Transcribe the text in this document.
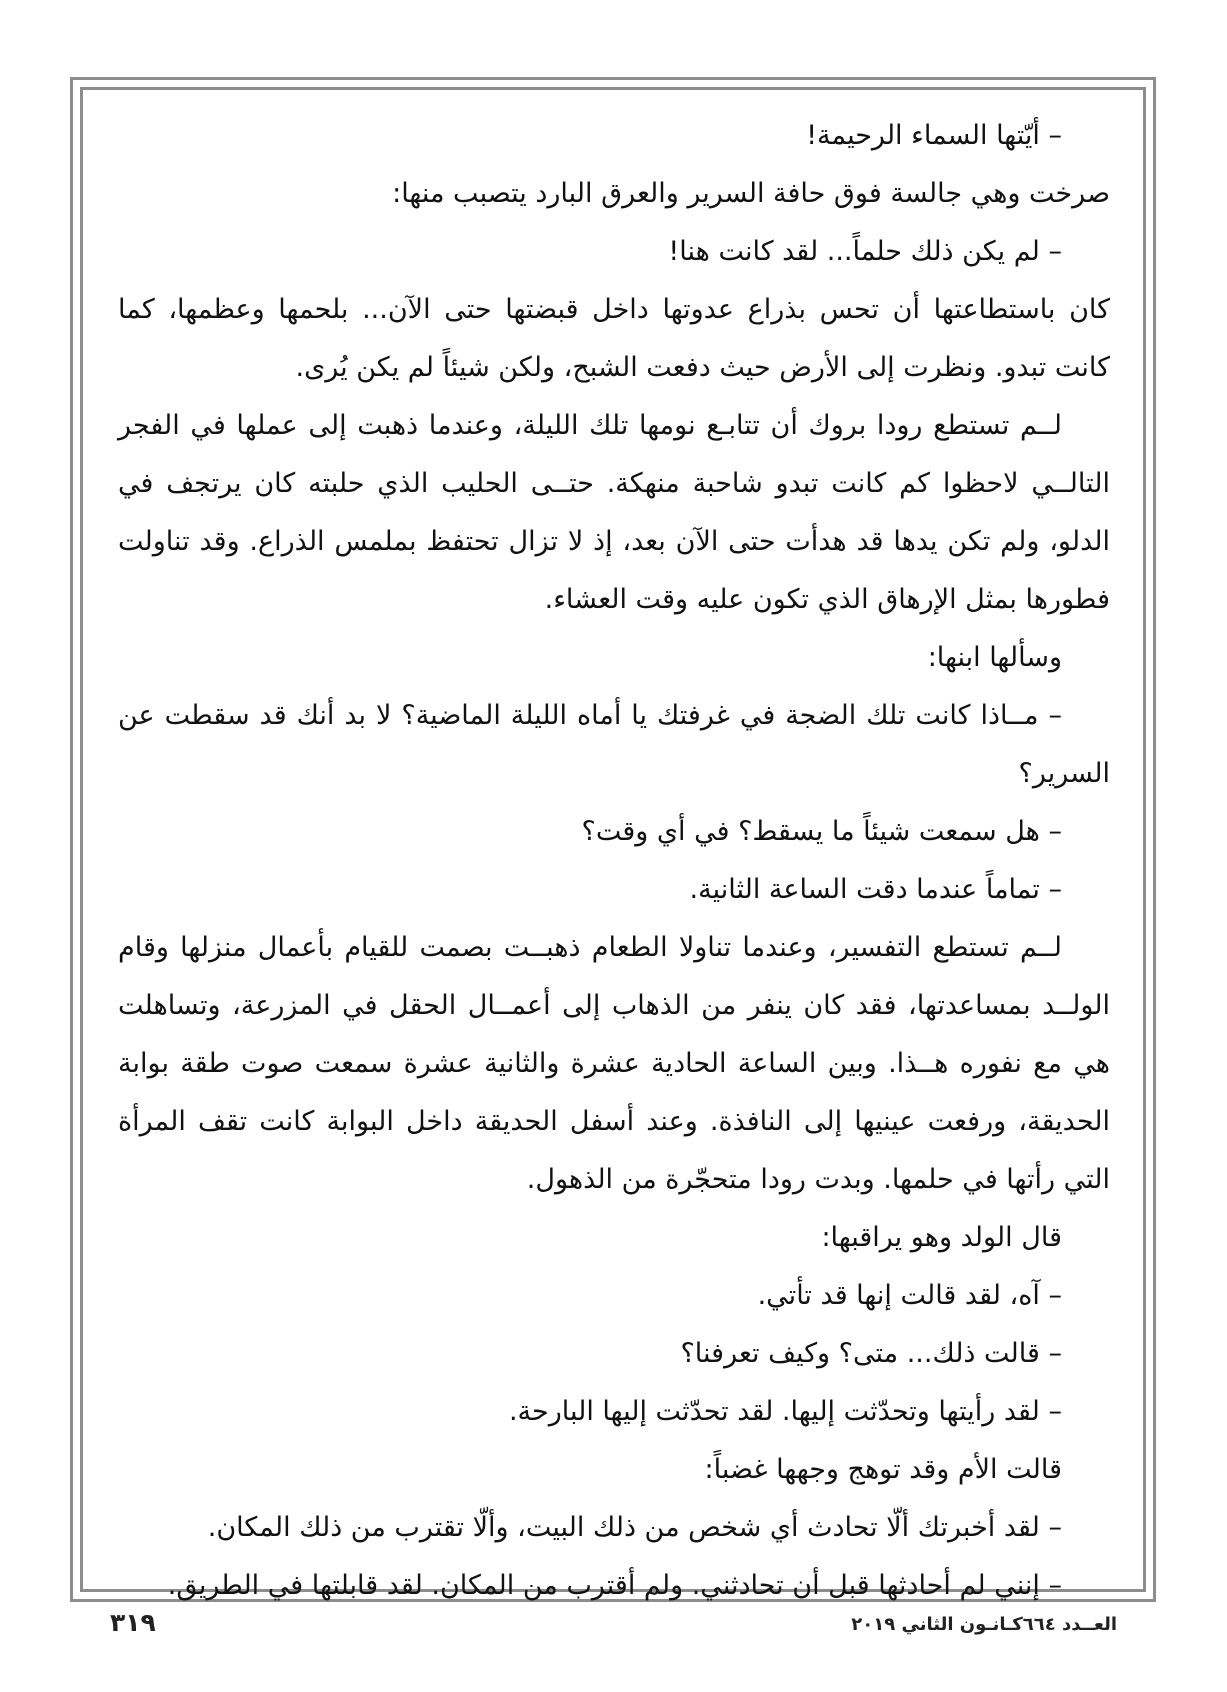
– أيّتها السماء الرحيمة!

صرخت وهي جالسة فوق حافة السرير والعرق البارد يتصبب منها:

– لم يكن ذلك حلماً... لقد كانت هنا!

كان باستطاعتها أن تحس بذراع عدوتها داخل قبضتها حتى الآن... بلحمها وعظمها، كما كانت تبدو. ونظرت إلى الأرض حيث دفعت الشبح، ولكن شيئاً لم يكن يُرى.

لــم تستطع رودا بروك أن تتابـع نومها تلك الليلة، وعندما ذهبت إلى عملها في الفجر التالــي لاحظوا كم كانت تبدو شاحبة منهكة. حتــى الحليب الذي حلبته كان يرتجف في الدلو، ولم تكن يدها قد هدأت حتى الآن بعد، إذ لا تزال تحتفظ بملمس الذراع. وقد تناولت فطورها بمثل الإرهاق الذي تكون عليه وقت العشاء.

وسألها ابنها:

– مــاذا كانت تلك الضجة في غرفتك يا أماه الليلة الماضية؟ لا بد أنك قد سقطت عن السرير؟

– هل سمعت شيئاً ما يسقط؟ في أي وقت؟

– تماماً عندما دقت الساعة الثانية.

لــم تستطع التفسير، وعندما تناولا الطعام ذهبــت بصمت للقيام بأعمال منزلها وقام الولــد بمساعدتها، فقد كان ينفر من الذهاب إلى أعمــال الحقل في المزرعة، وتساهلت هي مع نفوره هــذا. وبين الساعة الحادية عشرة والثانية عشرة سمعت صوت طقة بوابة الحديقة، ورفعت عينيها إلى النافذة. وعند أسفل الحديقة داخل البوابة كانت تقف المرأة التي رأتها في حلمها. وبدت رودا متحجّرة من الذهول.

قال الولد وهو يراقبها:

– آه، لقد قالت إنها قد تأتي.

– قالت ذلك... متى؟ وكيف تعرفنا؟

– لقد رأيتها وتحدّثت إليها. لقد تحدّثت إليها البارحة.

قالت الأم وقد توهج وجهها غضباً:

– لقد أخبرتك ألّا تحادث أي شخص من ذلك البيت، وألّا تقترب من ذلك المكان.

– إنني لم أحادثها قبل أن تحادثني. ولم أقترب من المكان. لقد قابلتها في الطريق.

العــدد ٦٦٤كـانـون الثاني ٢٠١٩
٣١٩
